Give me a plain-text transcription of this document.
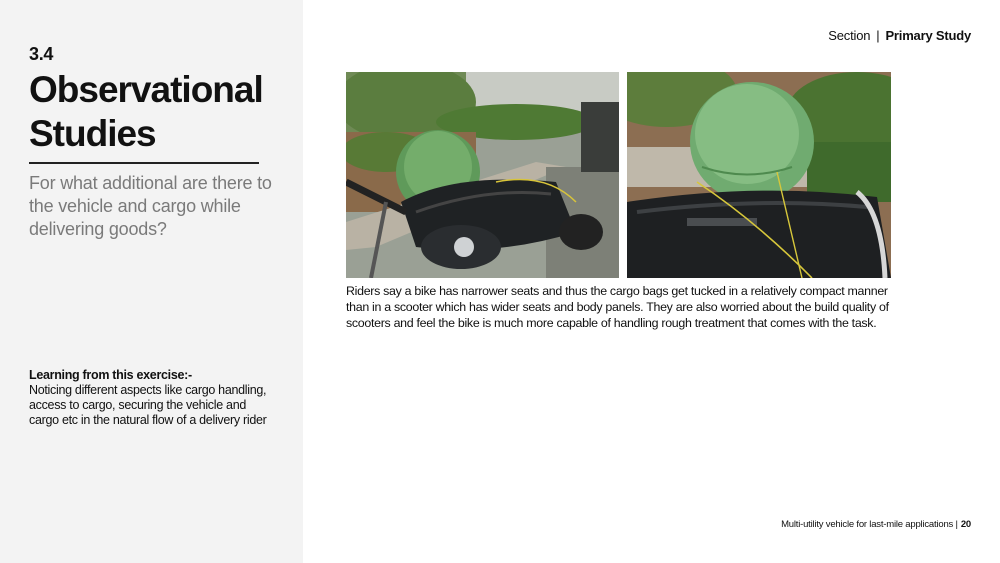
3.4
Observational Studies
For what additional are there to the vehicle and cargo while delivering goods?
Learning from this exercise:-
Noticing different aspects like cargo handling, access to cargo, securing the vehicle and cargo etc in the natural flow of a delivery rider
Section | Primary Study
Riders say a bike has narrower seats and thus the cargo bags get tucked in a relatively compact manner than in a scooter which has wider seats and body panels. They are also worried about the build quality of scooters and feel the bike is much more capable of handling rough treatment that comes with the task.
Multi-utility vehicle for last-mile applications | 20
